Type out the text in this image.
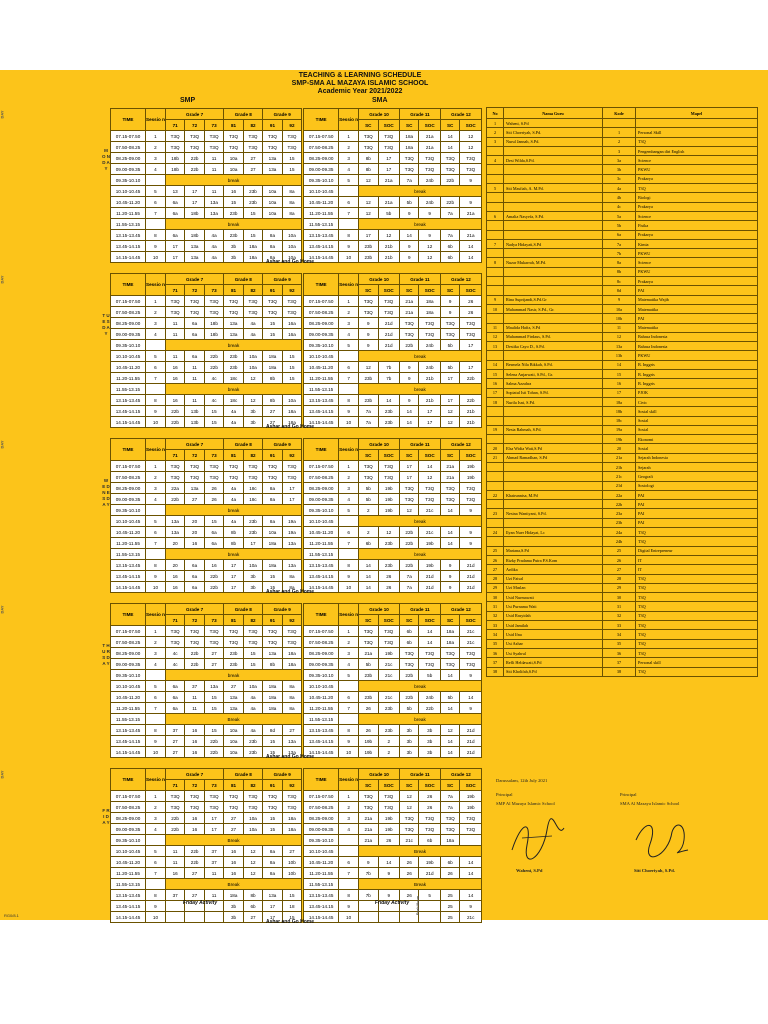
TEACHING & LEARNING SCHEDULE
SMP-SMA AL MAZAYA ISLAMIC SCHOOL
Academic Year 2021/2022
SMP	SMA
DAY
M O N D A Y
TIME	Sessio n	Grade 7			Grade 8		Grade 9			TIME	Sessio n	Grade 10		Grade 11		Grade 12	
		71	72	73	81	82	91	92				SC	SOC	SC	SOC	SC	SOC
07.15-07.50	1	T3Q	T3Q	T3Q	T3Q	T3Q	T3Q	T3Q		07.15-07.50	1	T3Q	T3Q	18a	21a	14	12
07.50-08.25	2	T3Q	T3Q	T3Q	T3Q	T3Q	T3Q	T3Q		07.50-08.25	2	T3Q	T3Q	18a	21a	14	12
08.25-09.00	3	18b	22b	11	10a	27	13a	15		08.25-09.00	3	8b	17	T3Q	T3Q	T3Q	T3Q
09.00-09.35	4	18b	22b	11	10a	27	13a	15		09.00-09.35	4	8b	17	T3Q	T3Q	T3Q	T3Q
09.35-10.10		break								09.35-10.10	5	12	21a	7a	24b	22b	9
10.10-10.45	5	13	17	11	16	23b	10a	8a		10.10-10.45		break					
10.45-11.20	6	6a	17	13a	15	23b	10a	8a		10.45-11.20	6	12	21a	5b	24b	22b	9
11.20-11.55	7	6a	18b	13a	23b	15	10a	8a		11.20-11.55	7	12	5b	9	9	7a	21a
11.55-13.15		break								11.55-13.15		break					
13.15-13.45	8	6a	18b	4a	23b	15	8a	10a		13.15-13.45	8	17	12	14	9	7a	21a
13.45-14.15	9	17	13a	4a	3b	18a	8a	10a		13.45-14.15	9	23b	21b	9	12	6b	14
14.15-14.45	10	17	13a	4a	3b	18a	8a	10a		14.15-14.45	10	23b	21b	9	12	6b	14
Ashar and Go Home
DAY
T U E S D A Y
TIME	Sessio n	Grade 7			Grade 8		Grade 9			TIME	Sessio n	Grade 10		Grade 11		Grade 12	
		71	72	73	81	82	91	92				SC	SOC	SC	SOC	SC	SOC
07.15-07.50	1	T3Q	T3Q	T3Q	T3Q	T3Q	T3Q	T3Q		07.15-07.50	1	T3Q	T3Q	21a	18a	9	26
07.50-08.25	2	T3Q	T3Q	T3Q	T3Q	T3Q	T3Q	T3Q		07.50-08.25	2	T3Q	T3Q	21a	18a	9	26
08.25-09.00	3	11	6a	18b	13a	4a	15	16a		08.25-09.00	3	9	21d	T3Q	T3Q	T3Q	T3Q
09.00-09.35	4	11	6a	18b	13a	4a	15	16a		09.00-09.35	4	9	21d	T3Q	T3Q	T3Q	T3Q
09.35-10.10		break								09.35-10.10	5	9	21d	22b	24b	5b	17
10.10-10.45	5	11	6a	22b	23b	10a	18a	15		10.10-10.45		break					
10.45-11.20	6	16	11	22b	23b	10a	18a	15		10.45-11.20	6	12	7b	9	24b	5b	17
11.20-11.55	7	16	11	4c	18c	12	8b	15		11.20-11.55	7	23b	7b	9	21b	17	22b
11.55-13.15		break								11.55-13.15		break					
13.15-13.45	8	16	11	4c	18c	12	8b	10a		13.15-13.45	8	23b	14	9	21b	17	22b
13.45-14.15	9	22b	13b	15	4a	3b	27	18a		13.45-14.15	9	7a	23b	14	17	12	21b
14.15-14.45	10	22b	13b	15	4a	3b	27	18a		14.15-14.45	10	7a	23b	14	17	12	21b
Ashar and Go Home
DAY
W E D N E S D A Y
TIME	Sessio n	Grade 7			Grade 8		Grade 9			TIME	Sessio n	Grade 10		Grade 11		Grade 12	
		71	72	73	81	82	91	92				SC	SOC	SC	SOC	SC	SOC
07.15-07.50	1	T3Q	T3Q	T3Q	T3Q	T3Q	T3Q	T3Q		07.15-07.50	1	T3Q	T3Q	17	14	21a	19b
07.50-08.25	2	T3Q	T3Q	T3Q	T3Q	T3Q	T3Q	T3Q		07.50-08.25	2	T3Q	T3Q	17	12	21a	19b
08.25-09.00	3	22a	13a	26	4a	18c	8a	17		08.25-09.00	3	5b	19b	T3Q	T3Q	T3Q	T3Q
09.00-09.35	4	22b	27	26	4a	18c	8a	17		09.00-09.35	4	5b	19b	T3Q	T3Q	T3Q	T3Q
09.35-10.10		break								09.35-10.10	5	2	19b	12	21c	14	9
10.10-10.45	5	13a	20	15	4a	23b	8a	19a		10.10-10.45		break					
10.45-11.20	6	13a	20	6a	8b	23b	10a	19a		10.45-11.20	6	2	12	22b	21c	14	9
11.20-11.55	7	20	16	6a	8b	17	18a	13a		11.20-11.55	7	6b	23b	22b	19b	14	9
11.55-13.15		break								11.55-13.15		break					
13.15-13.45	8	20	6a	16	17	10a	18a	13a		13.15-13.45	8	14	23b	22b	19b	9	21d
13.45-14.15	9	16	6a	22b	17	3b	15	8a		13.45-14.15	9	14	26	7a	21d	9	21d
14.15-14.45	10	16	6a	22b	17	3b	15	8a		14.15-14.45	10	14	26	7a	21d	9	21d
Ashar and Go Home
DAY
T H U R S D A Y
TIME	Sessio n	Grade 7			Grade 8		Grade 9			TIME	Sessio n	Grade 10		Grade 11		Grade 12	
		71	72	73	81	82	91	92				SC	SOC	SC	SOC	SC	SOC
07.15-07.50	1	T3Q	T3Q	T3Q	T3Q	T3Q	T3Q	T3Q		07.15-07.50	1	T3Q	T3Q	6b	14	18a	21c
07.50-08.25	2	T3Q	T3Q	T3Q	T3Q	T3Q	T3Q	T3Q		07.50-08.25	2	T3Q	T3Q	6b	14	18a	21c
08.25-09.00	3	4c	22b	27	23b	15	13a	18a		08.25-09.00	3	21a	19b	T3Q	T3Q	T3Q	T3Q
09.00-09.35	4	4c	22b	27	23b	15	8b	18a		09.00-09.35	4	5b	21c	T3Q	T3Q	T3Q	T3Q
09.35-10.10		break								09.35-10.10	5	23b	21c	22b	5b	14	9
10.10-10.45	5	6a	37	13a	27	10a	18a	8a		10.10-10.45		break					
10.45-11.20	6	6a	11	15	13a	4a	18a	8a		10.45-11.20	6	23b	21c	22b	24b	5b	14
11.20-11.55	7	6a	11	15	13a	4a	18a	8a		11.20-11.55	7	26	23b	5b	22b	14	9
11.55-13.15		Break								11.55-13.15		break					
13.15-13.45	8	37	16	15	10a	4a	8d	27		13.15-13.45	8	26	23b	3b	3b	12	21d
13.45-14.15	9	27	16	22b	10a	23b	15	13a		13.45-14.15	9	19b	2	3b	3b	14	21d
14.15-14.45	10	27	16	22b	10a	23b	15	13a		14.15-14.45	10	19b	2	3b	3b	14	21d
Ashar and Go Home
DAY
F R I D A Y
TIME	Sessio n	Grade 7			Grade 8		Grade 9			TIME	Sessio n	Grade 10		Grade 11		Grade 12	
		71	72	73	81	82	91	92				SC	SOC	SC	SOC	SC	SOC
07.15-07.50	1	T3Q	T3Q	T3Q	T3Q	T3Q	T3Q	T3Q		07.15-07.50	1	T3Q	T3Q	12	26	7a	19b
07.50-08.25	2	T3Q	T3Q	T3Q	T3Q	T3Q	T3Q	T3Q		07.50-08.25	2	T3Q	T3Q	12	26	7a	19b
08.25-09.00	3	22b	16	17	27	10a	15	18a		08.25-09.00	3	21a	19b	T3Q	T3Q	T3Q	T3Q
09.00-09.35	4	22b	16	17	27	10a	15	18a		09.00-09.35	4	21a	19b	T3Q	T3Q	T3Q	T3Q
09.35-10.10		Break								09.35-10.10		21a	26	21c	6b	18a	
10.10-10.45	5	11	22b	37	16	12	8a	27		10.10-10.45		Break					
10.45-11.20	6	11	22b	37	16	12	8a	10b		10.45-11.20	6	9	14	26	19b	6b	14
11.20-11.55	7	16	27	11	16	12	8a	10b		11.20-11.55	7	7b	9	26	21d	26	14
11.55-13.15		Break								11.55-13.15		Break					
13.15-13.45	8	37	27	11	18a	8b	13a	15		13.15-13.45	8	7b	9	26	5	25	14
13.45-14.15	9				3b	6b	17	18		13.45-14.15	9					25	9
14.15-14.45	10				3b	27	17	15		14.15-14.45	10					25	21c
Ashar and Go Home
Friday Activity	Friday Activity	Praktikum
No	Nama Guru	Kode	Mapel
1	Waheni, S.Pd		
2	Siti Choeriyah, S.Pd.	1	Personal Skill
3	Nurul Jannah, S.Pd.	2	T3Q
		3	Pengembangan diri English
4	Desi Wilda,S.Pd.	3a	Science
		3b	PKWU
		3c	Prakarya
5	Siti Masfiah, A. M.Pd.	4a	T3Q
		4b	Biologi
		4c	Prakarya
6	Amalia Nasyefa, S.Pd.	5a	Science
		5b	Fisika
		6a	Prakarya
7	Nadya Hidayati,S.Pd	7a	Kimia
		7b	PKWU
8	Nuzar Mukarrah, M.Pd.	8a	Science
		8b	PKWU
		8c	Prakarya
		8d	PAI
9	Rina Suprijandi,S.Pd.Gr	9	Matematika Wajib
10	Muhammad Nasir, S.Pd., Gr.	10a	Matematika
		10b	PAI
11	Maulida Hafiz, S.Pd	11	Matematika
12	Muhammad Firdaus, S.Pd.	12	Bahasa Indonesia
13	Destika Cayo D., S.Pd.	13a	Bahasa Indonesia
		13b	PKWU
14	Besmela Nila Bikkah, S.Pd.	14	B. Inggris
15	Selena Anjarwati, S.Pd., Gr.	15	B. Inggris
16	Salma Azzahra	16	B. Inggris
17	Sopiatul Isti Tohan, S.Pd.	17	PJOK
18	Nurila Isni, S.Pd.	18a	Civic
		18b	Sosial skill
		18c	Sosial
19	Nesia Rahmah, S.Pd.	19a	Sosial
		19b	Ekonomi
20	Elsa Widia Wati,S.Pd	20	Sosial
21	Ahmad Ramadhan, S.Pd	21a	Sejarah Indonesia
		21b	Sejarah
		21c	Geografi
		21d	Sosiologi
22	Khairunnisa, M.Pd	22a	PAI
		22b	PAI
23	Nesina Wantiyani, S.Pd.	23a	PAI
		23b	PAI
24	Ilyan Nuer Hidayat, Lc	24a	T3Q
		24b	T3Q
25	Mariana,S.Pd	25	Digital Entrepreneur
26	Rizky Pradama Putra P.S.Kom	26	IT
27	Ardika	27	IT
28	Uzi Faisal	28	T3Q
29	Uzi Maslan	29	T3Q
30	Ustd Nurmawati	30	T3Q
31	Ust Purnama Wati	31	T3Q
32	Ustd Rasyidah	32	T3Q
33	Ustd Jamilah	33	T3Q
34	Ustd Ifna	34	T3Q
35	Ust Azhar	35	T3Q
36	Ust Syahrul	36	T3Q
37	Refli Heldawati,S.Pd	37	Personal skill
38	Siti Kholifah,S.Pd	38	T3Q
Darussalam, 12th July 2021
Principal
SMP Al Mazaya Islamic School
Waheni, S.Pd
Principal
SMA Al Mazaya Islamic School
Siti Choeriyah, S.Pd.
RG0/8.1
